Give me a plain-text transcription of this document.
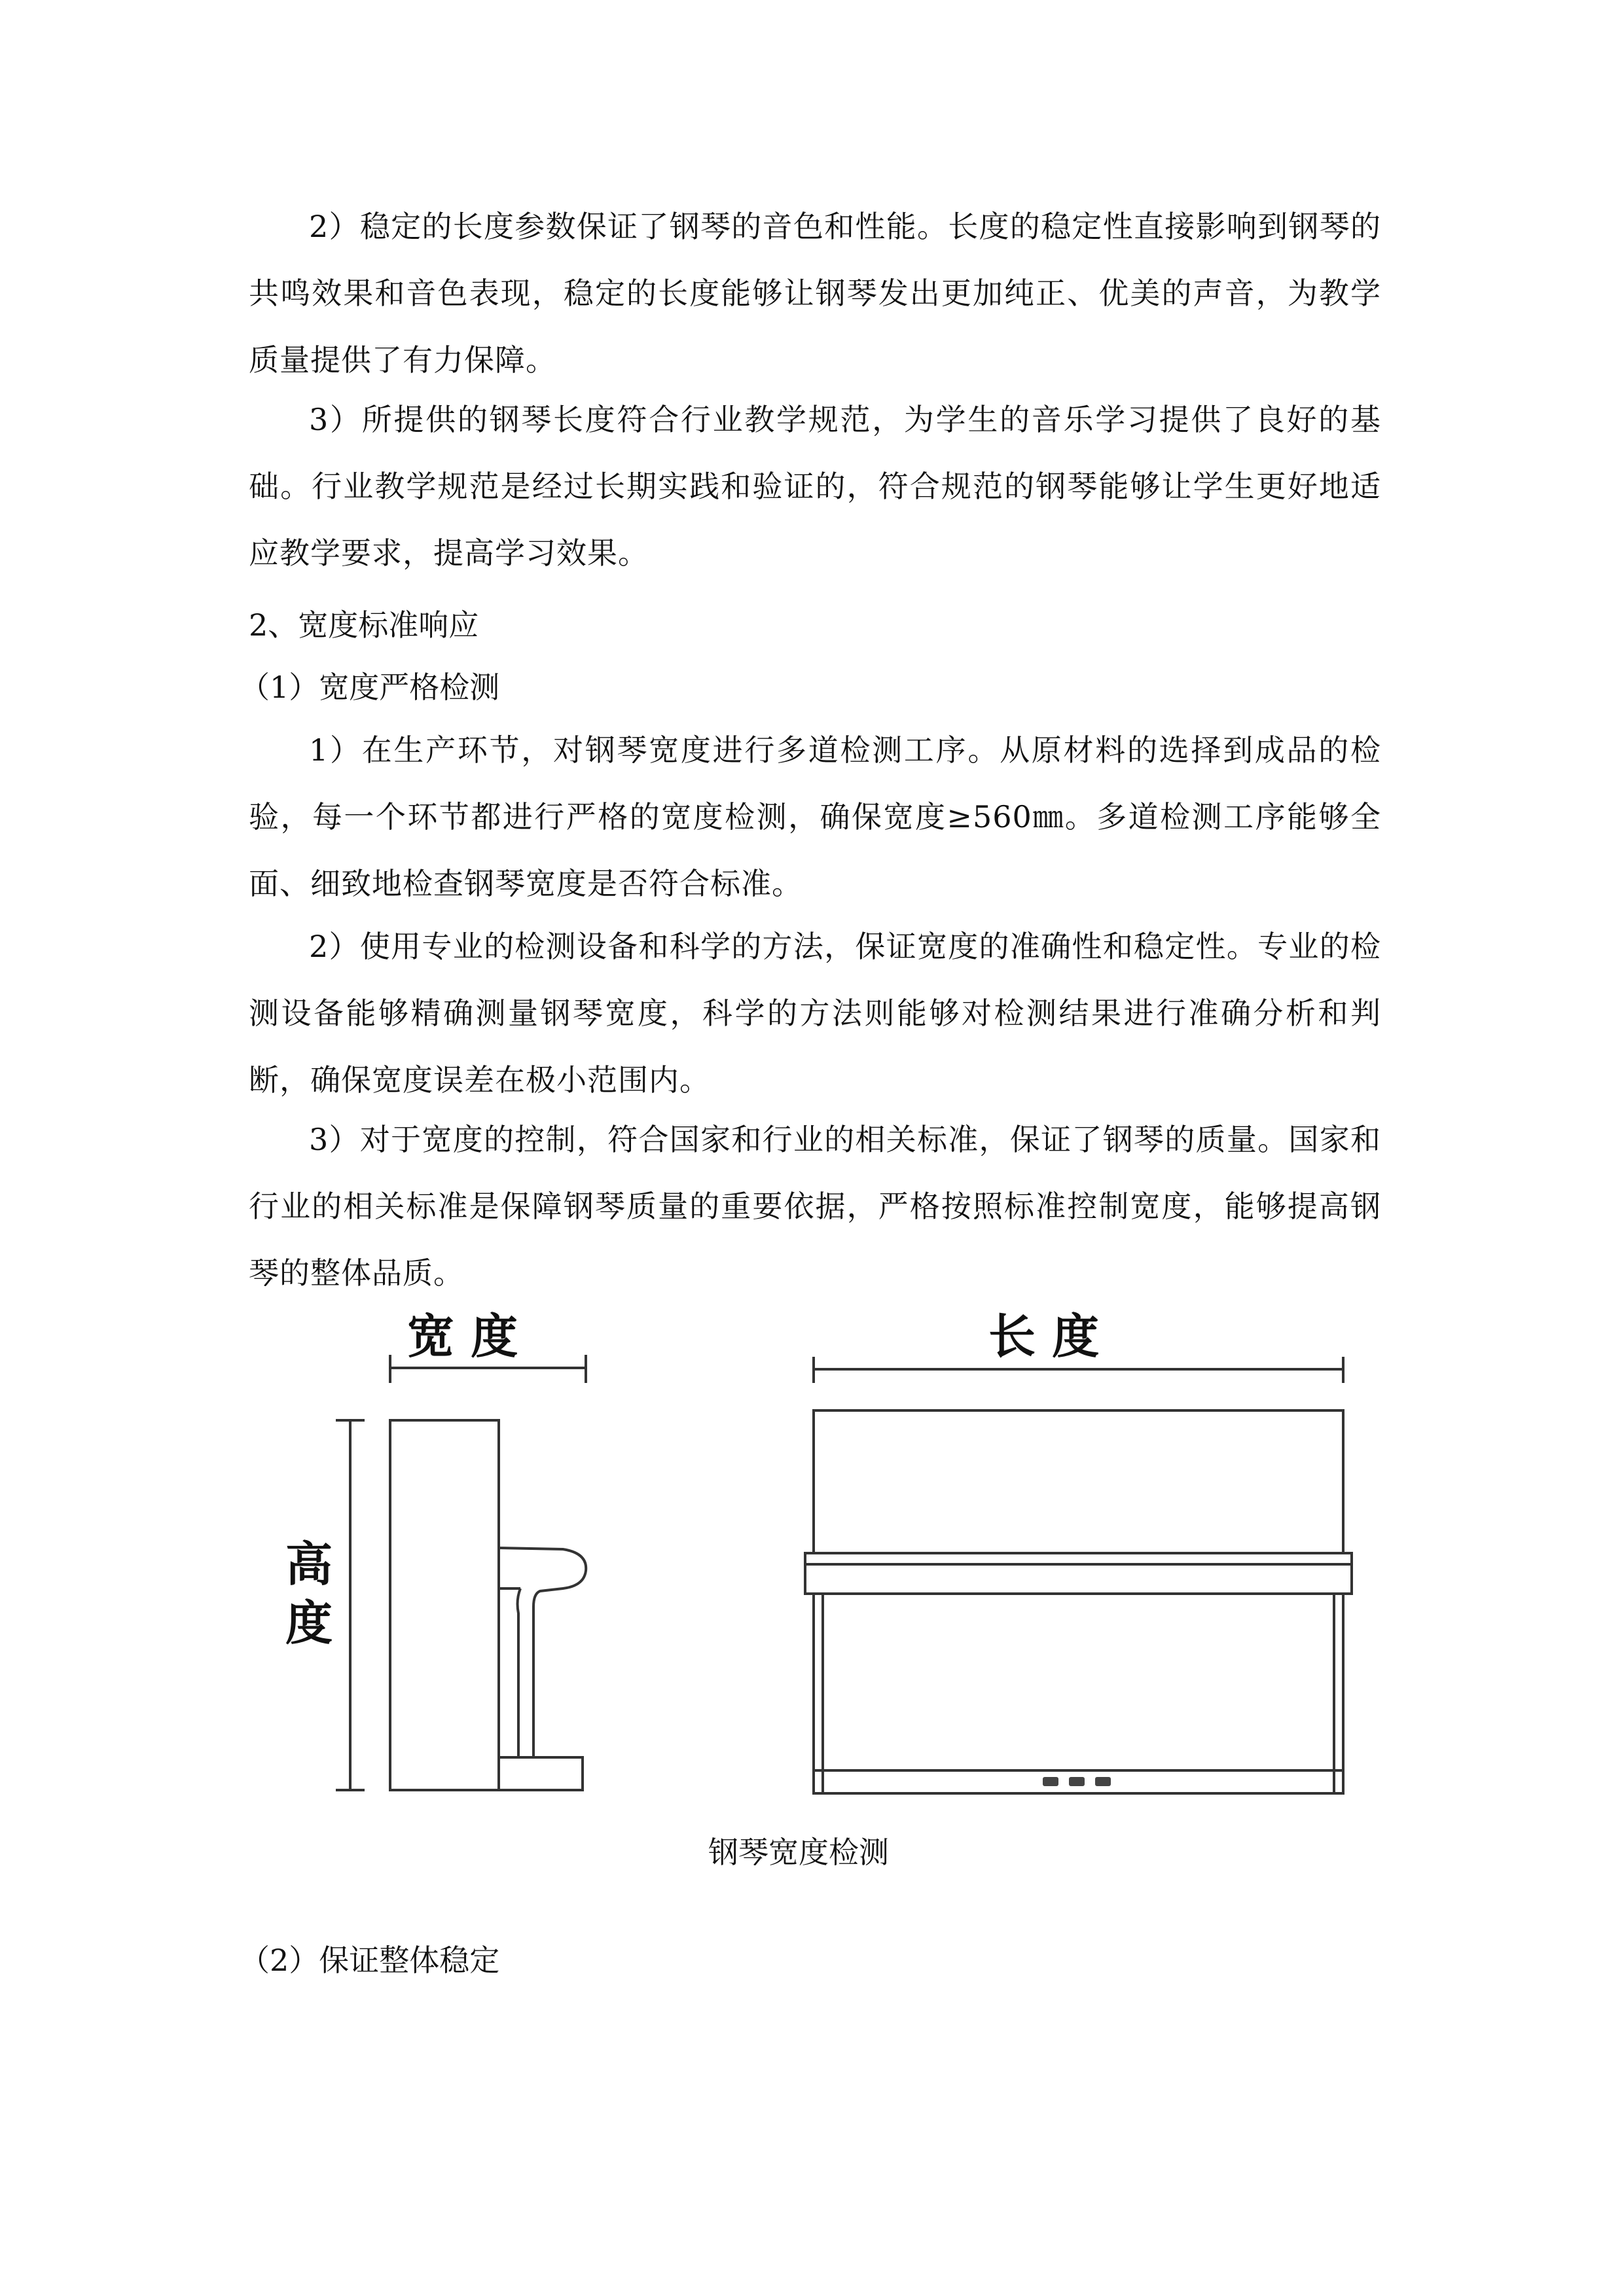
2）稳定的长度参数保证了钢琴的音色和性能。长度的稳定性直接影响到钢琴的共鸣效果和音色表现，稳定的长度能够让钢琴发出更加纯正、优美的声音，为教学质量提供了有力保障。

3）所提供的钢琴长度符合行业教学规范，为学生的音乐学习提供了良好的基础。行业教学规范是经过长期实践和验证的，符合规范的钢琴能够让学生更好地适应教学要求，提高学习效果。

2、宽度标准响应
（1）宽度严格检测

1）在生产环节，对钢琴宽度进行多道检测工序。从原材料的选择到成品的检验，每一个环节都进行严格的宽度检测，确保宽度≥560㎜。多道检测工序能够全面、细致地检查钢琴宽度是否符合标准。

2）使用专业的检测设备和科学的方法，保证宽度的准确性和稳定性。专业的检测设备能够精确测量钢琴宽度，科学的方法则能够对检测结果进行准确分析和判断，确保宽度误差在极小范围内。

3）对于宽度的控制，符合国家和行业的相关标准，保证了钢琴的质量。国家和行业的相关标准是保障钢琴质量的重要依据，严格按照标准控制宽度，能够提高钢琴的整体品质。

宽 度	长 度
高
度

钢琴宽度检测

（2）保证整体稳定
